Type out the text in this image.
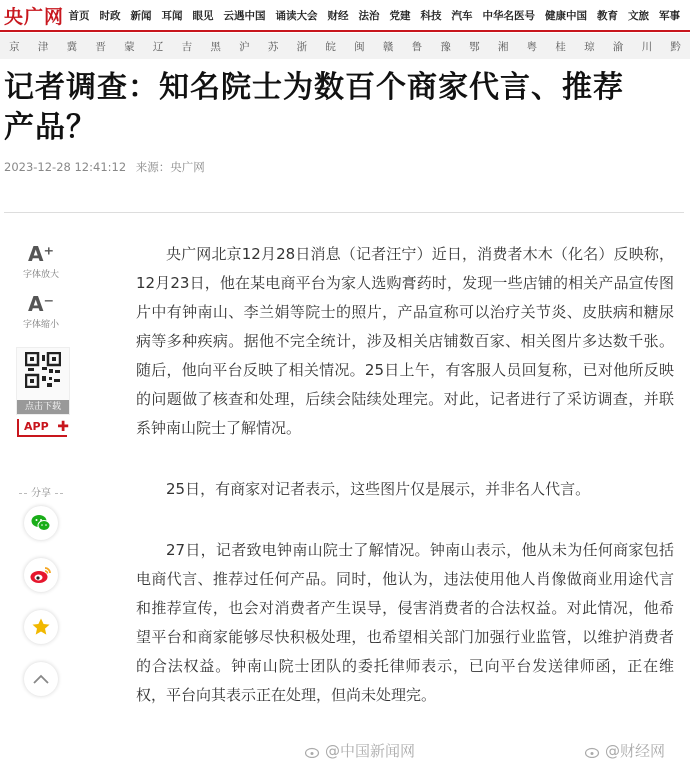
央广网 首页 时政 新闻 耳闻 眼见 云遇中国 诵读大会 财经 法治 党建 科技 汽车 中华名医号 健康中国 教育 文旅 军事
京	津	冀	晋	蒙	辽	吉	黑	沪	苏	浙	皖	闽	赣	鲁	豫	鄂	湘	粤	桂	琼	渝	川	黔
记者调查：知名院士为数百个商家代言、推荐产品？
2023-12-28 12:41:12 来源：央广网
A⁺
字体放大
A⁻
字体缩小
点击下载
APP ✚
分享

央广网北京12月28日消息（记者汪宁）近日，消费者木木（化名）反映称，12月23日，他在某电商平台为家人选购膏药时，发现一些店铺的相关产品宣传图片中有钟南山、李兰娟等院士的照片，产品宣称可以治疗关节炎、皮肤病和糖尿病等多种疾病。据他不完全统计，涉及相关店铺数百家、相关图片多达数千张。随后，他向平台反映了相关情况。25日上午，有客服人员回复称，已对他所反映的问题做了核查和处理，后续会陆续处理完。对此，记者进行了采访调查，并联系钟南山院士了解情况。

25日，有商家对记者表示，这些图片仅是展示，并非名人代言。

27日，记者致电钟南山院士了解情况。钟南山表示，他从未为任何商家包括电商代言、推荐过任何产品。同时，他认为，违法使用他人肖像做商业用途代言和推荐宣传，也会对消费者产生误导，侵害消费者的合法权益。对此情况，他希望平台和商家能够尽快积极处理，也希望相关部门加强行业监管，以维护消费者的合法权益。钟南山院士团队的委托律师表示，已向平台发送律师函，正在维权，平台向其表示正在处理，但尚未处理完。

@中国新闻网	@财经网
